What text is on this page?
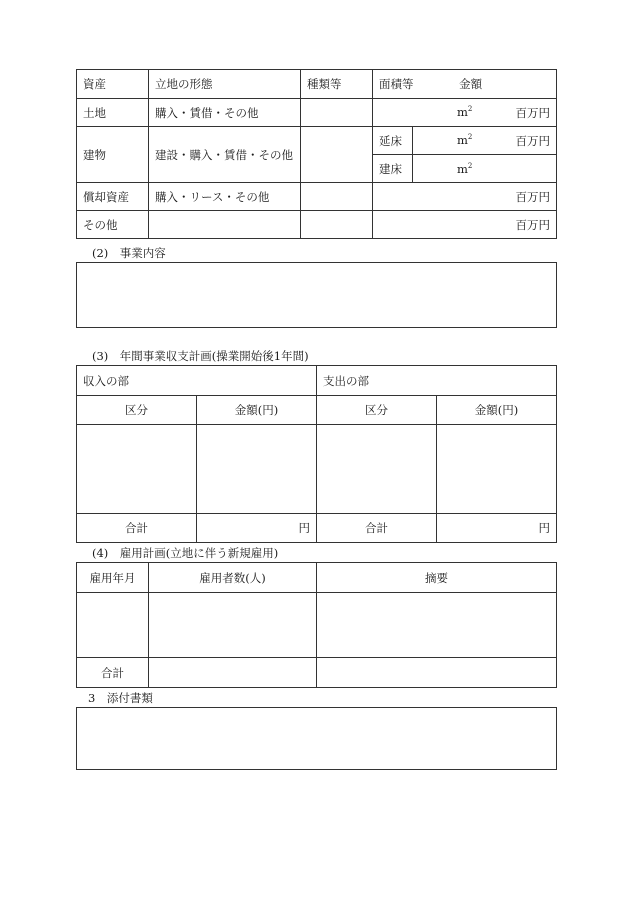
資産	立地の形態	種類等	面積等 金額	
土地	購入・賃借・その他		$m^2$ 百万円	

建物	建設・購入・賃借・その他		延床	$m^2$ 百万円

			建床	$m^2$
償却資産	購入・リース・その他		百万円	
その他			百万円	
(2)　事業内容
(3)　年間事業収支計画(操業開始後1年間)
収入の部		支出の部	
区分	金額(円)	区分	金額(円)

合計	円	合計	円
(4)　雇用計画(立地に伴う新規雇用)
雇用年月	雇用者数(人)	摘要

合計		
3　添付書類
